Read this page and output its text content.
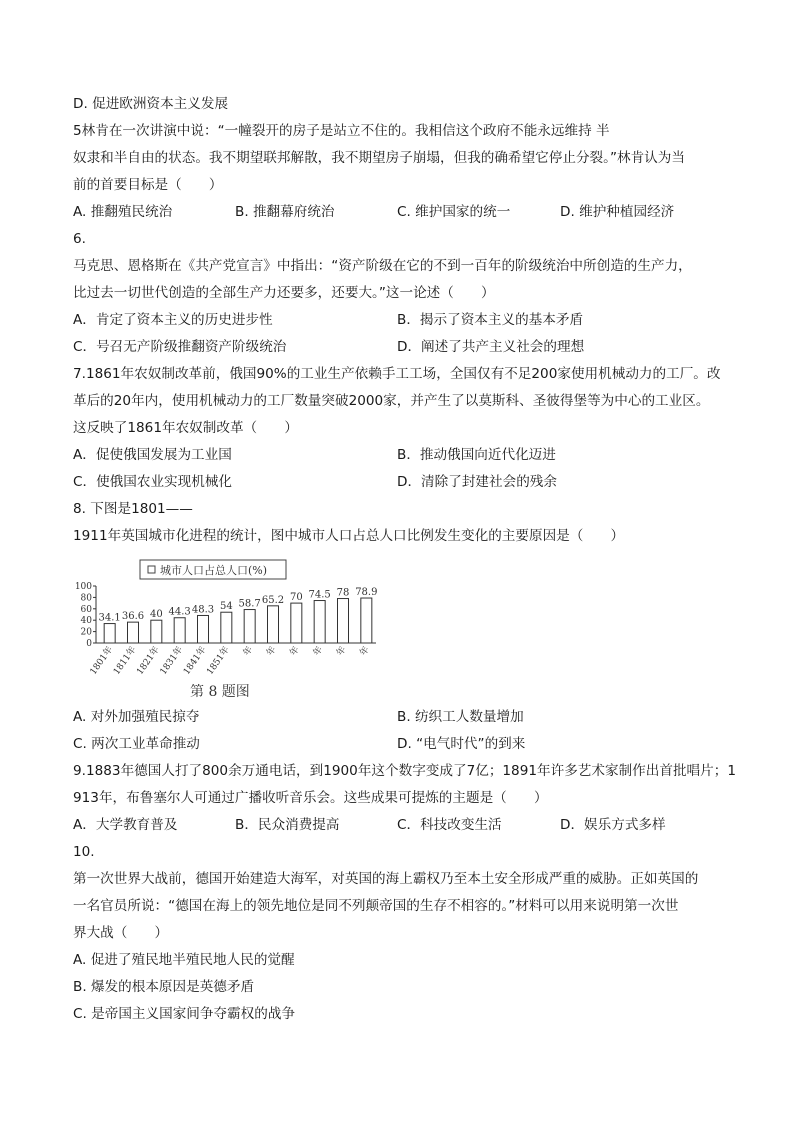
D. 促进欧洲资本主义发展
5林肯在一次讲演中说：“一幢裂开的房子是站立不住的。我相信这个政府不能永远维持 半
奴隶和半自由的状态。我不期望联邦解散，我不期望房子崩塌，但我的确希望它停止分裂。”林肯认为当
前的首要目标是（　　）
A. 推翻殖民统治	B. 推翻幕府统治	C. 维护国家的统一	D. 维护种植园经济
6.
马克思、恩格斯在《共产党宣言》中指出：“资产阶级在它的不到一百年的阶级统治中所创造的生产力，
比过去一切世代创造的全部生产力还要多，还要大。”这一论述（　　）
A．肯定了资本主义的历史进步性	B．揭示了资本主义的基本矛盾
C．号召无产阶级推翻资产阶级统治	D．阐述了共产主义社会的理想
7.1861年农奴制改革前，俄国90%的工业生产依赖手工工场，全国仅有不足200家使用机械动力的工厂。改
革后的20年内，使用机械动力的工厂数量突破2000家，并产生了以莫斯科、圣彼得堡等为中心的工业区。
这反映了1861年农奴制改革（　　）
A．促使俄国发展为工业国	B．推动俄国向近代化迈进
C．使俄国农业实现机械化	D．清除了封建社会的残余
8. 下图是1801——
1911年英国城市化进程的统计，图中城市人口占总人口比例发生变化的主要原因是（　　）
城市人口占总人口(%)
100
80
60
40
20
0
34.1 36.6 40 44.3 48.3 54 58.7 65.2 70 74.5 78 78.9
1801年
1811年
1821年
1831年
1841年
1851年 年 年 年 年 年 年
第 8 题图
A. 对外加强殖民掠夺	B. 纺织工人数量增加
C. 两次工业革命推动	D. “电气时代”的到来
9.1883年德国人打了800余万通电话，到1900年这个数字变成了7亿；1891年许多艺术家制作出首批唱片；1
913年，布鲁塞尔人可通过广播收听音乐会。这些成果可提炼的主题是（　　）
A．大学教育普及	B．民众消费提高	C．科技改变生活	D．娱乐方式多样
10.
第一次世界大战前，德国开始建造大海军，对英国的海上霸权乃至本土安全形成严重的威胁。正如英国的
一名官员所说：“德国在海上的领先地位是同不列颠帝国的生存不相容的。”材料可以用来说明第一次世
界大战（　　）
A. 促进了殖民地半殖民地人民的觉醒
B. 爆发的根本原因是英德矛盾
C. 是帝国主义国家间争夺霸权的战争
